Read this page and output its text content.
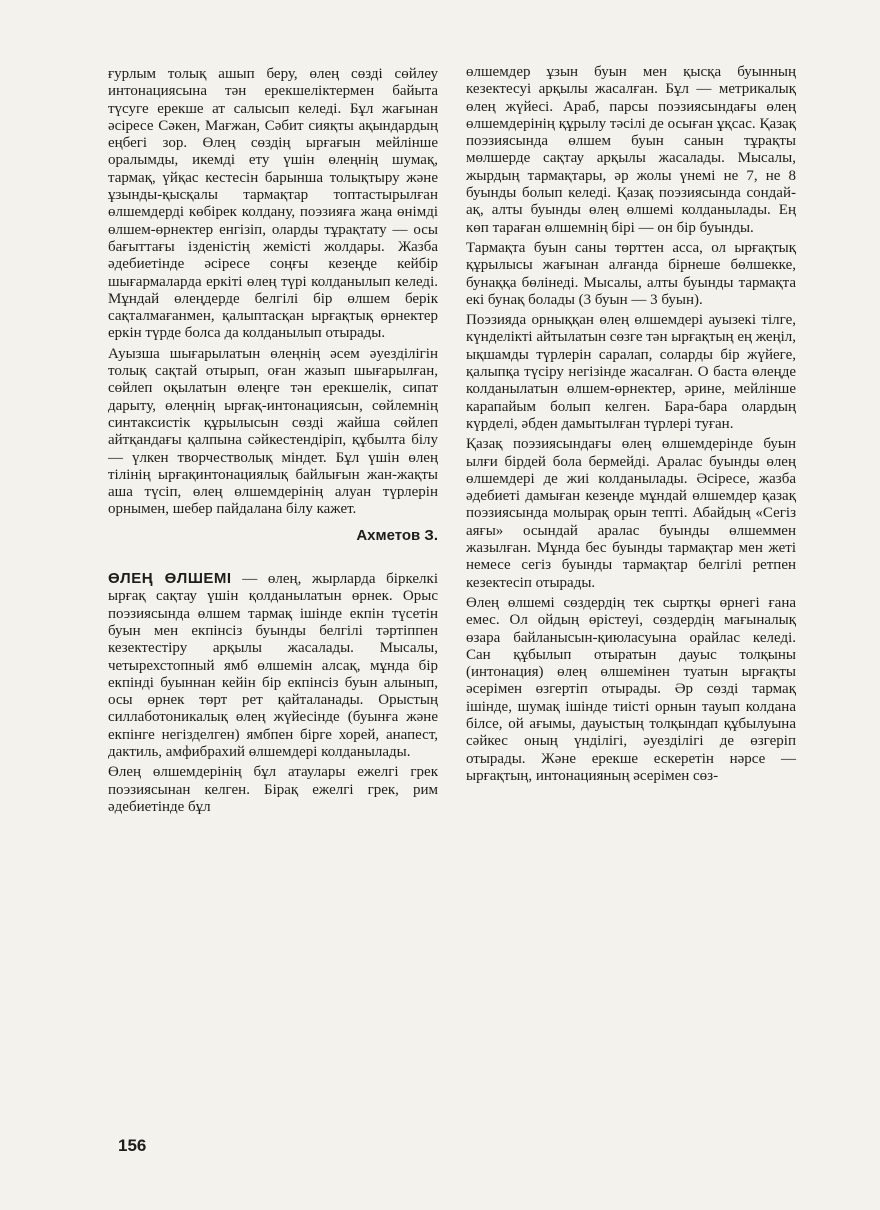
ғурлым толық ашып беру, өлең сөзді сөйлеу интонациясына тән ерекшеліктермен байыта түсуге ерекше ат салысып келеді. Бұл жағынан әсіресе Сәкен, Мағжан, Сәбит сияқты ақындардың еңбегі зор. Өлең сөздің ырғағын мейлінше оралымды, икемді ету үшін өлеңнің шумақ, тармақ, үйқас кестесін барынша толықтыру және ұзынды-қысқалы тармақтар топтастырылған өлшемдерді көбірек колдану, поэзияға жаңа өнімді өлшем-өрнектер енгізіп, оларды тұрақтату — осы бағыттағы ізденістің жемісті жолдары. Жазба әдебиетінде әсіресе соңғы кезеңде кейбір шығармаларда еркіті өлең түрі колданылып келеді. Мұндай өлеңдерде белгілі бір өлшем берік сақталмағанмен, қалыптасқан ырғақтық өрнектер еркін түрде болса да колданылып отырады.

Ауызша шығарылатын өлеңнің әсем әуезділігін толық сақтай отырып, оған жазып шығарылған, сөйлеп оқылатын өлеңге тән ерекшелік, сипат дарыту, өлеңнің ырғақ-интонациясын, сөйлемнің синтаксистік құрылысын сөзді жайша сөйлеп айтқандағы қалпына сәйкестендіріп, құбылта білу — үлкен творчестволық міндет. Бұл үшін өлең тілінің ырғақинтонациялық байлығын жан-жақты аша түсіп, өлең өлшемдерінің алуан түрлерін орнымен, шебер пайдалана білу кажет.

Ахметов З.

ӨЛЕҢ ӨЛШЕМІ — өлең, жырларда біркелкі ырғақ сақтау үшін қолданылатын өрнек. Орыс поэзиясында өлшем тармақ ішінде екпін түсетін буын мен екпінсіз буынды белгілі тәртіппен кезектестіру арқылы жасалады. Мысалы, четырехстопный ямб өлшемін алсақ, мұнда бір екпінді буыннан кейін бір екпінсіз буын алынып, осы өрнек төрт рет қайталанады. Орыстың силлаботоникалық өлең жүйесінде (буынға және екпінге негізделген) ямбпен бірге хорей, анапест, дактиль, амфибрахий өлшемдері колданылады.

Өлең өлшемдерінің бұл атаулары ежелгі грек поэзиясынан келген. Бірақ ежелгі грек, рим әдебиетінде бұл

өлшемдер ұзын буын мен қысқа буынның кезектесуі арқылы жасалған. Бұл — метрикалық өлең жүйесі. Араб, парсы поэзиясындағы өлең өлшемдерінің құрылу тәсілі де осыған ұқсас. Қазақ поэзиясында өлшем буын санын тұрақты мөлшерде сақтау арқылы жасалады. Мысалы, жырдың тармақтары, әр жолы үнемі не 7, не 8 буынды болып келеді. Қазақ поэзиясында сондай-ақ, алты буынды өлең өлшемі колданылады. Ең көп тараған өлшемнің бірі — он бір буынды.

Тармақта буын саны төрттен асса, ол ырғақтық құрылысы жағынан алғанда бірнеше бөлшекке, бунаққа бөлінеді. Мысалы, алты буынды тармақта екі бунақ болады (3 буын — 3 буын).

Поэзияда орныққан өлең өлшемдері ауызекі тілге, күнделікті айтылатын сөзге тән ырғақтың ең жеңіл, ықшамды түрлерін саралап, соларды бір жүйеге, қалыпқа түсіру негізінде жасалған. О баста өлеңде колданылатын өлшем-өрнектер, әрине, мейлінше карапайым болып келген. Бара-бара олардың күрделі, әбден дамытылған түрлері туған.

Қазақ поэзиясындағы өлең өлшемдерінде буын ылғи бірдей бола бермейді. Аралас буынды өлең өлшемдері де жиі колданылады. Әсіресе, жазба әдебиеті дамыған кезеңде мұндай өлшемдер қазақ поэзиясында молырақ орын тепті. Абайдың «Сегіз аяғы» осындай аралас буынды өлшеммен жазылған. Мұнда бес буынды тармақтар мен жеті немесе сегіз буынды тармақтар белгілі ретпен кезектесіп отырады.

Өлең өлшемі сөздердің тек сыртқы өрнегі ғана емес. Ол ойдың өрістеуі, сөздердің мағыналық өзара байланысын-қиюласуына орайлас келеді. Сан құбылып отыратын дауыс толқыны (интонация) өлең өлшемінен туатын ырғақты әсерімен өзгертіп отырады. Әр сөзді тармақ ішінде, шумақ ішінде тиісті орнын тауып колдана білсе, ой ағымы, дауыстың толқындап құбылуына сәйкес оның үнділігі, әуезділігі де өзгеріп отырады. Және ерекше ескеретін нәрсе — ырғақтың, интонацияның әсерімен сөз-

156
